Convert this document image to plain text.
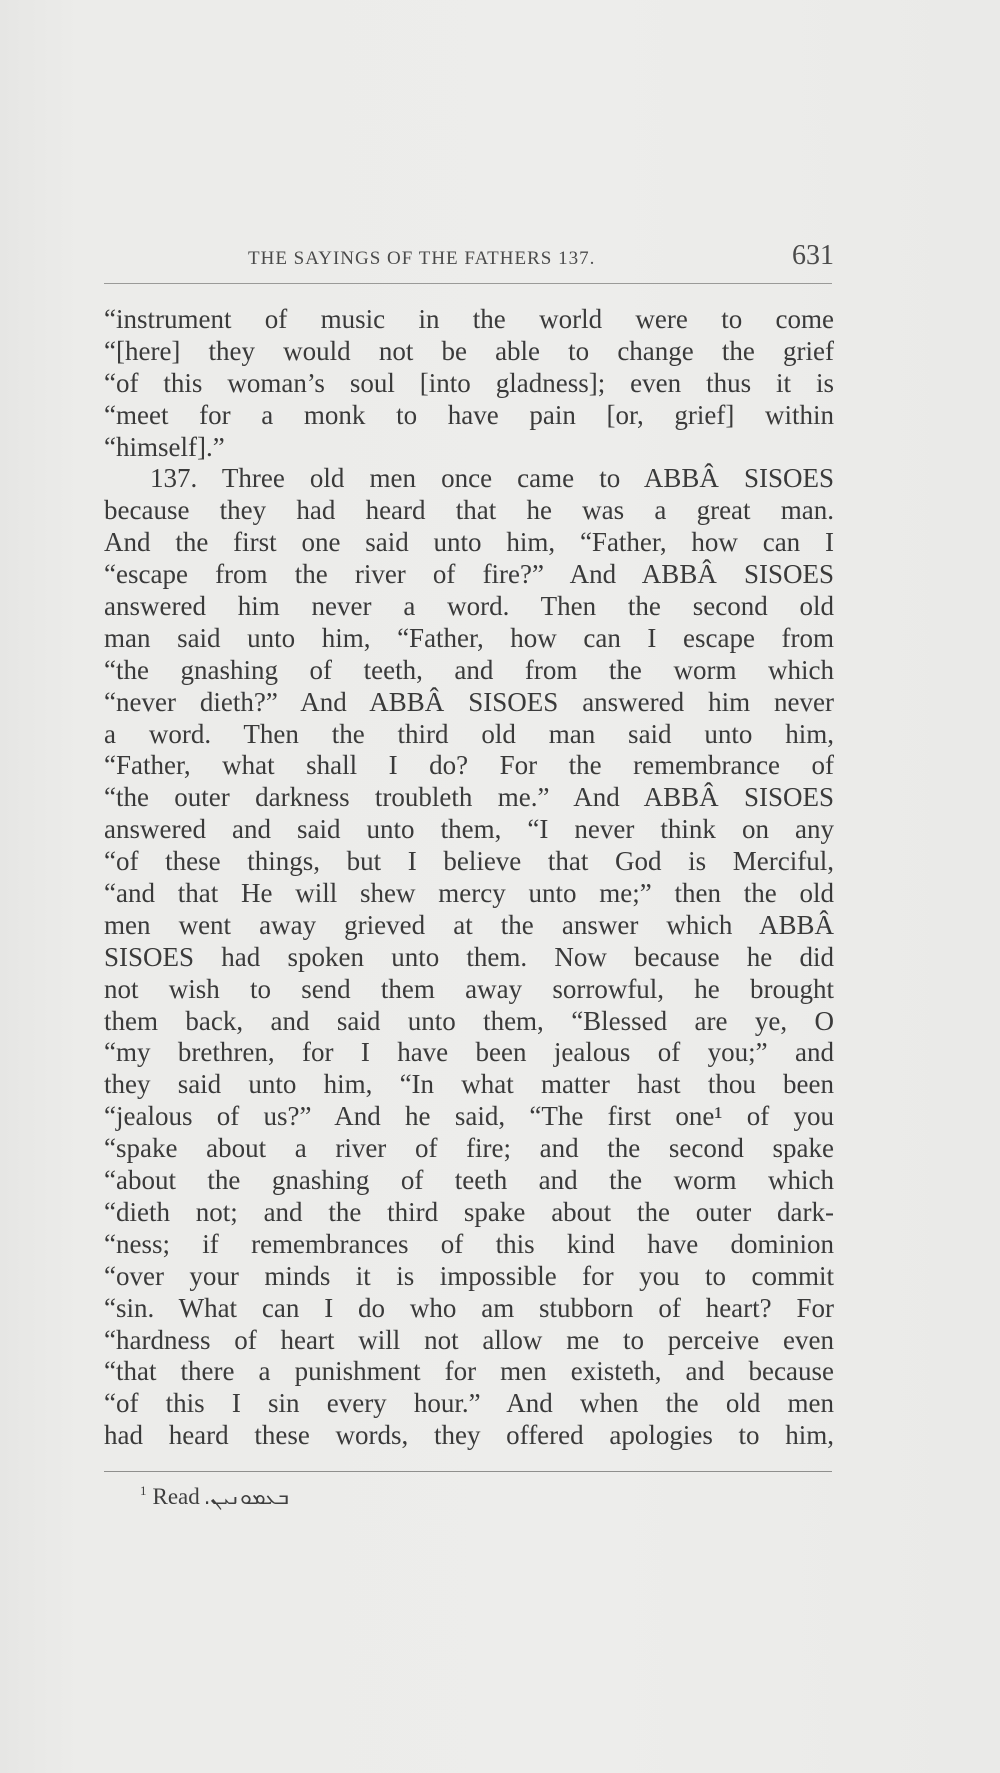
THE SAYINGS OF THE FATHERS 137.	631
“instrument of music in the world were to come
“[here] they would not be able to change the grief
“of this woman’s soul [into gladness]; even thus it is
“meet for a monk to have pain [or, grief] within
“himself].”
137. Three old men once came to ABBÂ SISOES
because they had heard that he was a great man.
And the first one said unto him, “Father, how can I
“escape from the river of fire?” And ABBÂ SISOES
answered him never a word. Then the second old
man said unto him, “Father, how can I escape from
“the gnashing of teeth, and from the worm which
“never dieth?” And ABBÂ SISOES answered him never
a word. Then the third old man said unto him,
“Father, what shall I do? For the remembrance of
“the outer darkness troubleth me.” And ABBÂ SISOES
answered and said unto them, “I never think on any
“of these things, but I believe that God is Merciful,
“and that He will shew mercy unto me;” then the old
men went away grieved at the answer which ABBÂ
SISOES had spoken unto them. Now because he did
not wish to send them away sorrowful, he brought
them back, and said unto them, “Blessed are ye, O
“my brethren, for I have been jealous of you;” and
they said unto him, “In what matter hast thou been
“jealous of us?” And he said, “The first one¹ of you
“spake about a river of fire; and the second spake
“about the gnashing of teeth and the worm which
“dieth not; and the third spake about the outer dark-
“ness; if remembrances of this kind have dominion
“over your minds it is impossible for you to commit
“sin. What can I do who am stubborn of heart? For
“hardness of heart will not allow me to perceive even
“that there a punishment for men existeth, and because
“of this I sin every hour.” And when the old men
had heard these words, they offered apologies to him,
$^1$ Read ܒܥܡܘܢܝܢ.
